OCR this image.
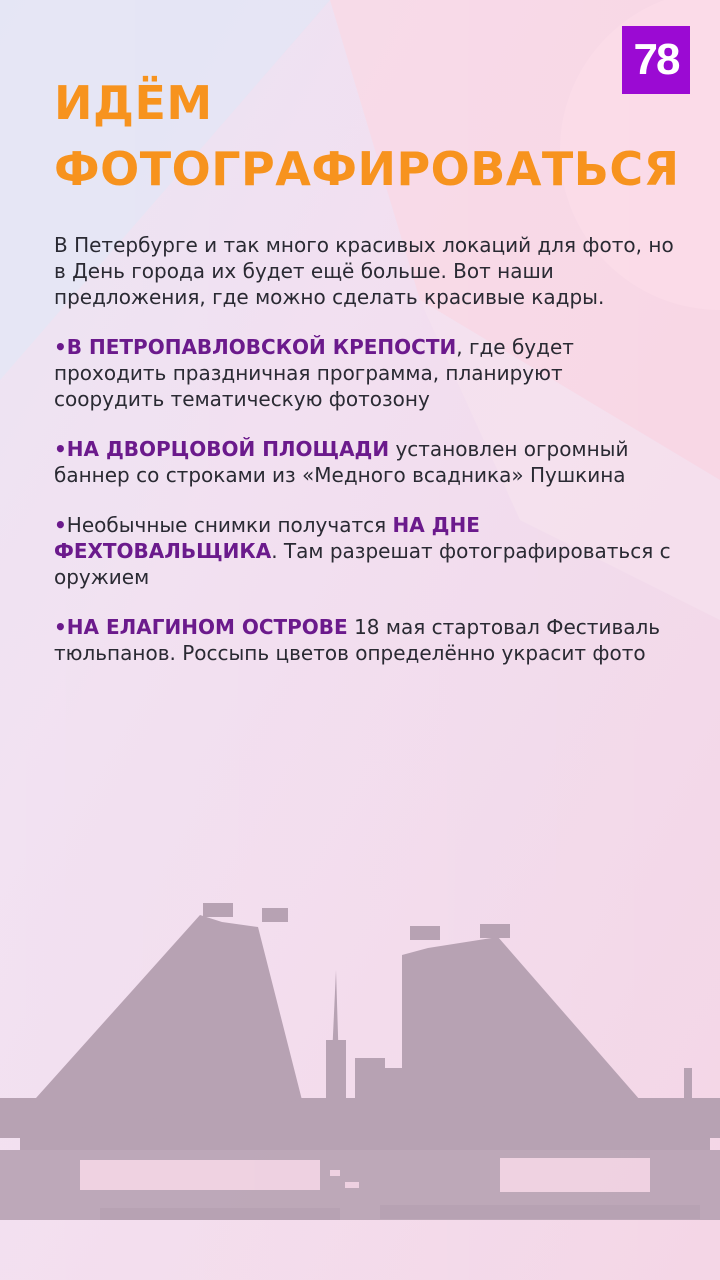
78
ИДЁМ
ФОТОГРАФИРОВАТЬСЯ

В Петербурге и так много красивых локаций для фото, но в День города их будет ещё больше. Вот наши предложения, где можно сделать красивые кадры.

•В ПЕТРОПАВЛОВСКОЙ КРЕПОСТИ, где будет проходить праздничная программа, планируют соорудить тематическую фотозону

•НА ДВОРЦОВОЙ ПЛОЩАДИ установлен огромный баннер со строками из «Медного всадника» Пушкина

•Необычные снимки получатся НА ДНЕ ФЕХТОВАЛЬЩИКА. Там разрешат фотографироваться с оружием

•НА ЕЛАГИНОМ ОСТРОВЕ 18 мая стартовал Фестиваль тюльпанов. Россыпь цветов определённо украсит фото
